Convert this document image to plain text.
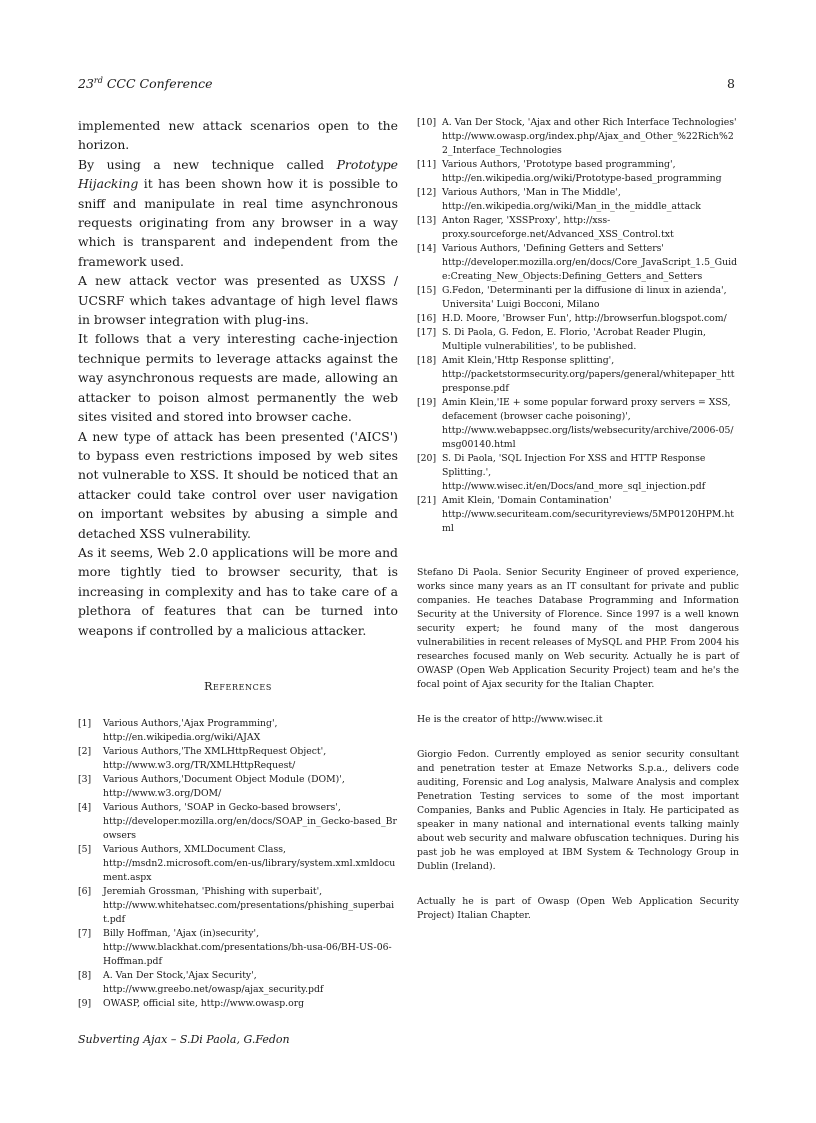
23rd CCC Conference	8

implemented new attack scenarios open to the horizon.

By using a new technique called Prototype Hijacking it has been shown how it is possible to sniff and manipulate in real time asynchronous requests originating from any browser in a way which is transparent and independent from the framework used.

A new attack vector was presented as UXSS / UCSRF which takes advantage of high level flaws in browser integration with plug-ins.

It follows that a very interesting cache-injection technique permits to leverage attacks against the way asynchronous requests are made, allowing an attacker to poison almost permanently the web sites visited and stored into browser cache.

A new type of attack has been presented ('AICS') to bypass even restrictions imposed by web sites not vulnerable to XSS. It should be noticed that an attacker could take control over user navigation on important websites by abusing a simple and detached XSS vulnerability.

As it seems, Web 2.0 applications will be more and more tightly tied to browser security, that is increasing in complexity and has to take care of a plethora of features that can be turned into weapons if controlled by a malicious attacker.

References
[1] Various Authors,'Ajax Programming',
http://en.wikipedia.org/wiki/AJAX
[2] Various Authors,'The XMLHttpRequest Object',
http://www.w3.org/TR/XMLHttpRequest/
[3] Various Authors,'Document Object Module (DOM)',
http://www.w3.org/DOM/
[4] Various Authors, 'SOAP in Gecko-based browsers',
http://developer.mozilla.org/en/docs/SOAP_in_Gecko-based_Browsers
[5] Various Authors, XMLDocument Class,
http://msdn2.microsoft.com/en-us/library/system.xml.xmldocument.aspx
[6] Jeremiah Grossman, 'Phishing with superbait',
http://www.whitehatsec.com/presentations/phishing_superbait.pdf
[7] Billy Hoffman, 'Ajax (in)security',
http://www.blackhat.com/presentations/bh-usa-06/BH-US-06-Hoffman.pdf
[8] A. Van Der Stock,'Ajax Security',
http://www.greebo.net/owasp/ajax_security.pdf
[9] OWASP, official site, http://www.owasp.org
[10] A. Van Der Stock, 'Ajax and other Rich Interface Technologies'
http://www.owasp.org/index.php/Ajax_and_Other_%22Rich%22_Interface_Technologies
[11] Various Authors, 'Prototype based programming',
http://en.wikipedia.org/wiki/Prototype-based_programming
[12] Various Authors, 'Man in The Middle',
http://en.wikipedia.org/wiki/Man_in_the_middle_attack
[13] Anton Rager, 'XSSProxy', http://xss-proxy.sourceforge.net/Advanced_XSS_Control.txt
[14] Various Authors, 'Defining Getters and Setters'
http://developer.mozilla.org/en/docs/Core_JavaScript_1.5_Guide:Creating_New_Objects:Defining_Getters_and_Setters
[15] G.Fedon, 'Determinanti per la diffusione di linux in azienda', Universita' Luigi Bocconi, Milano
[16] H.D. Moore, 'Browser Fun', http://browserfun.blogspot.com/
[17] S. Di Paola, G. Fedon, E. Florio, 'Acrobat Reader Plugin, Multiple vulnerabilities', to be published.
[18] Amit Klein,'Http Response splitting',
http://packetstormsecurity.org/papers/general/whitepaper_httpresponse.pdf
[19] Amin Klein,'IE + some popular forward proxy servers = XSS, defacement (browser cache poisoning)',
http://www.webappsec.org/lists/websecurity/archive/2006-05/msg00140.html
[20] S. Di Paola, 'SQL Injection For XSS and HTTP Response Splitting.',
http://www.wisec.it/en/Docs/and_more_sql_injection.pdf
[21] Amit Klein, 'Domain Contamination'
http://www.securiteam.com/securityreviews/5MP0120HPM.html

Stefano Di Paola. Senior Security Engineer of proved experience, works since many years as an IT consultant for private and public companies. He teaches Database Programming and Information Security at the University of Florence. Since 1997 is a well known security expert; he found many of the most dangerous vulnerabilities in recent releases of MySQL and PHP. From 2004 his researches focused manly on Web security. Actually he is part of OWASP (Open Web Application Security Project) team and he's the focal point of Ajax security for the Italian Chapter.

He is the creator of http://www.wisec.it

Giorgio Fedon. Currently employed as senior security consultant and penetration tester at Emaze Networks S.p.a., delivers code auditing, Forensic and Log analysis, Malware Analysis and complex Penetration Testing services to some of the most important Companies, Banks and Public Agencies in Italy. He participated as speaker in many national and international events talking mainly about web security and malware obfuscation techniques. During his past job he was employed at IBM System & Technology Group in Dublin (Ireland).

Actually he is part of Owasp (Open Web Application Security Project) Italian Chapter.

Subverting Ajax – S.Di Paola, G.Fedon
